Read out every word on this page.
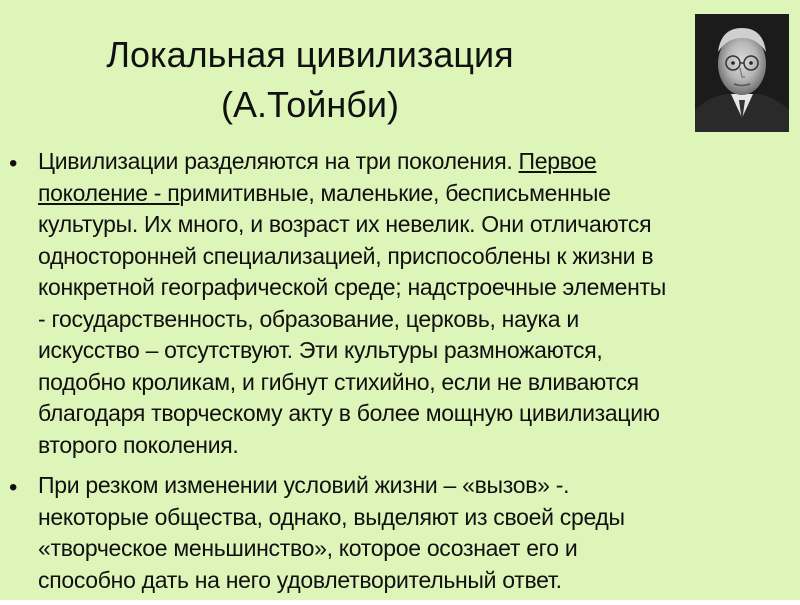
Локальная цивилизация
(А.Тойнби)
• Цивилизации разделяются на три поколения. Первое
поколение - примитивные, маленькие, бесписьменные
культуры. Их много, и возраст их невелик. Они отличаются
односторонней специализацией, приспособлены к жизни в
конкретной географической среде; надстроечные элементы
- государственность, образование, церковь, наука и
искусство – отсутствуют. Эти культуры размножаются,
подобно кроликам, и гибнут стихийно, если не вливаются
благодаря творческому акту в более мощную цивилизацию
второго поколения.
• При резком изменении условий жизни – «вызов» -.
некоторые общества, однако, выделяют из своей среды
«творческое меньшинство», которое осознает его и
способно дать на него удовлетворительный ответ.
